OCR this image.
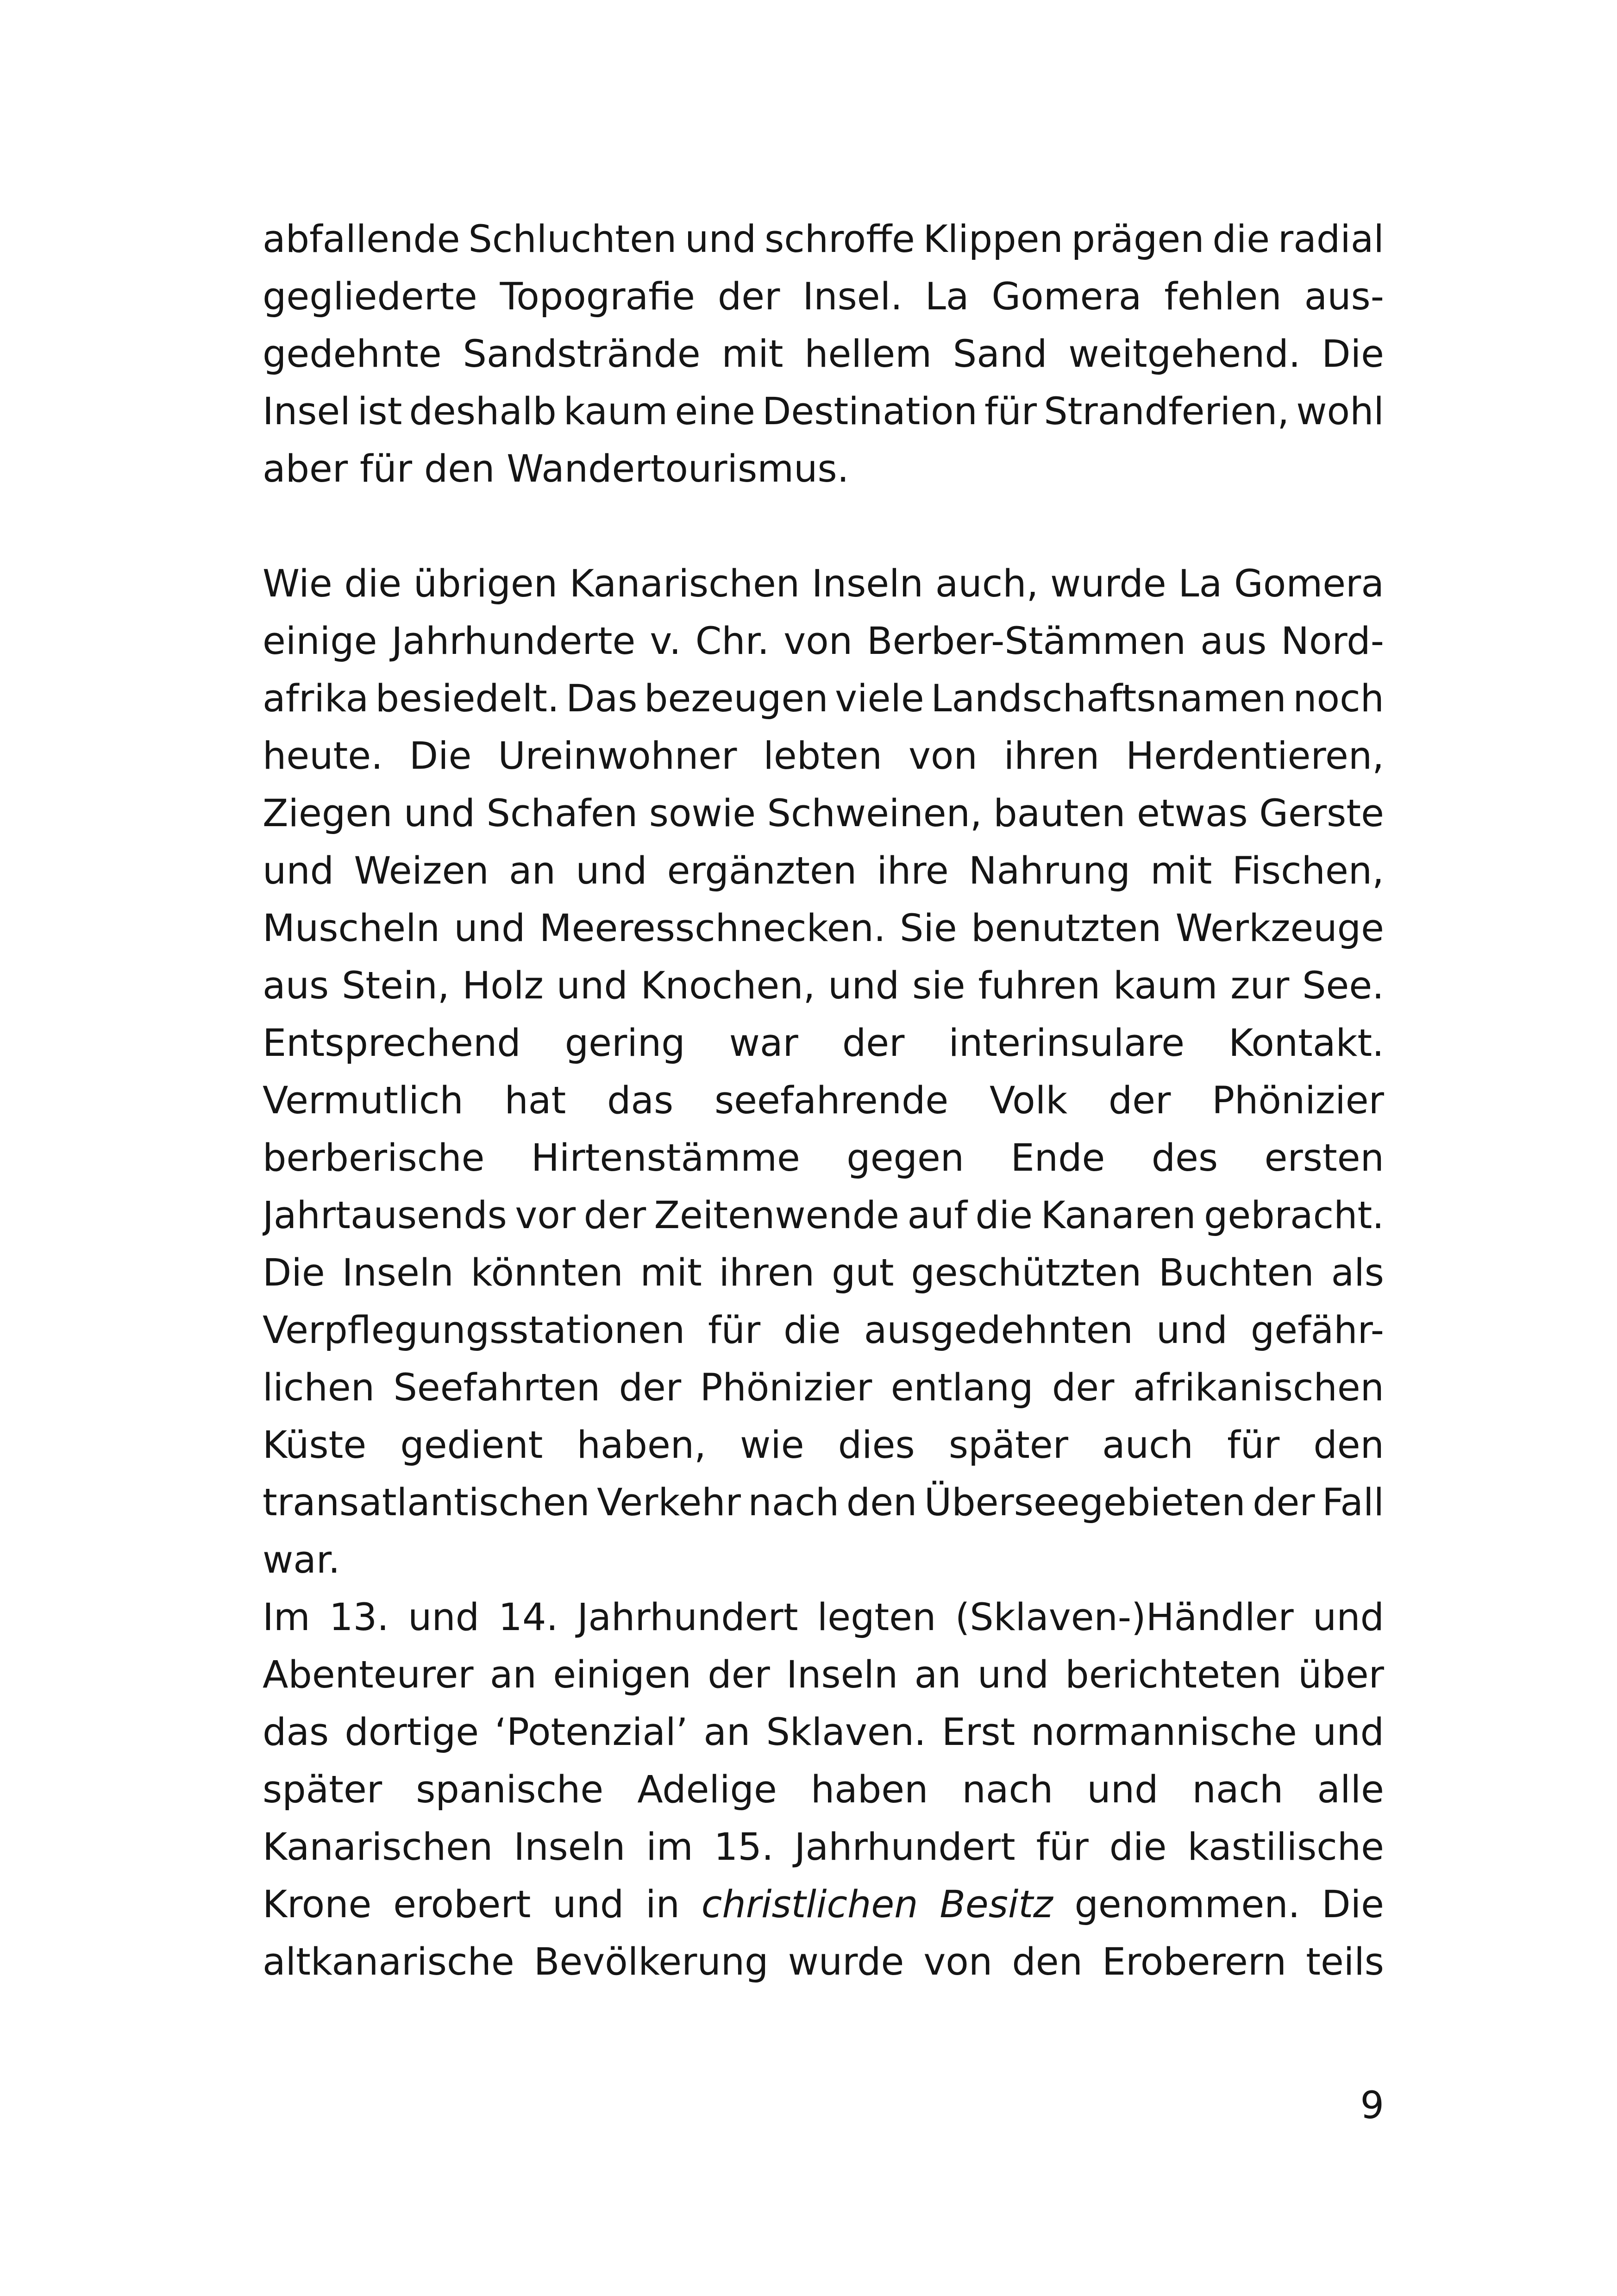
abfallende Schluchten und schroffe Klippen prägen die radial
gegliederte Topografie der Insel. La Gomera fehlen aus-
gedehnte Sandstrände mit hellem Sand weitgehend. Die
Insel ist deshalb kaum eine Destination für Strandferien, wohl
aber für den Wandertourismus.
Wie die übrigen Kanarischen Inseln auch, wurde La Gomera
einige Jahrhunderte v. Chr. von Berber-Stämmen aus Nord-
afrika besiedelt. Das bezeugen viele Landschaftsnamen noch
heute. Die Ureinwohner lebten von ihren Herdentieren,
Ziegen und Schafen sowie Schweinen, bauten etwas Gerste
und Weizen an und ergänzten ihre Nahrung mit Fischen,
Muscheln und Meeresschnecken. Sie benutzten Werkzeuge
aus Stein, Holz und Knochen, und sie fuhren kaum zur See.
Entsprechend gering war der interinsulare Kontakt.
Vermutlich hat das seefahrende Volk der Phönizier
berberische Hirtenstämme gegen Ende des ersten
Jahrtausends vor der Zeitenwende auf die Kanaren gebracht.
Die Inseln könnten mit ihren gut geschützten Buchten als
Verpflegungsstationen für die ausgedehnten und gefähr-
lichen Seefahrten der Phönizier entlang der afrikanischen
Küste gedient haben, wie dies später auch für den
transatlantischen Verkehr nach den Überseegebieten der Fall
war.
Im 13. und 14. Jahrhundert legten (Sklaven-)Händler und
Abenteurer an einigen der Inseln an und berichteten über
das dortige ‘Potenzial’ an Sklaven. Erst normannische und
später spanische Adelige haben nach und nach alle
Kanarischen Inseln im 15. Jahrhundert für die kastilische
Krone erobert und in christlichen Besitz genommen. Die
altkanarische Bevölkerung wurde von den Eroberern teils
9
